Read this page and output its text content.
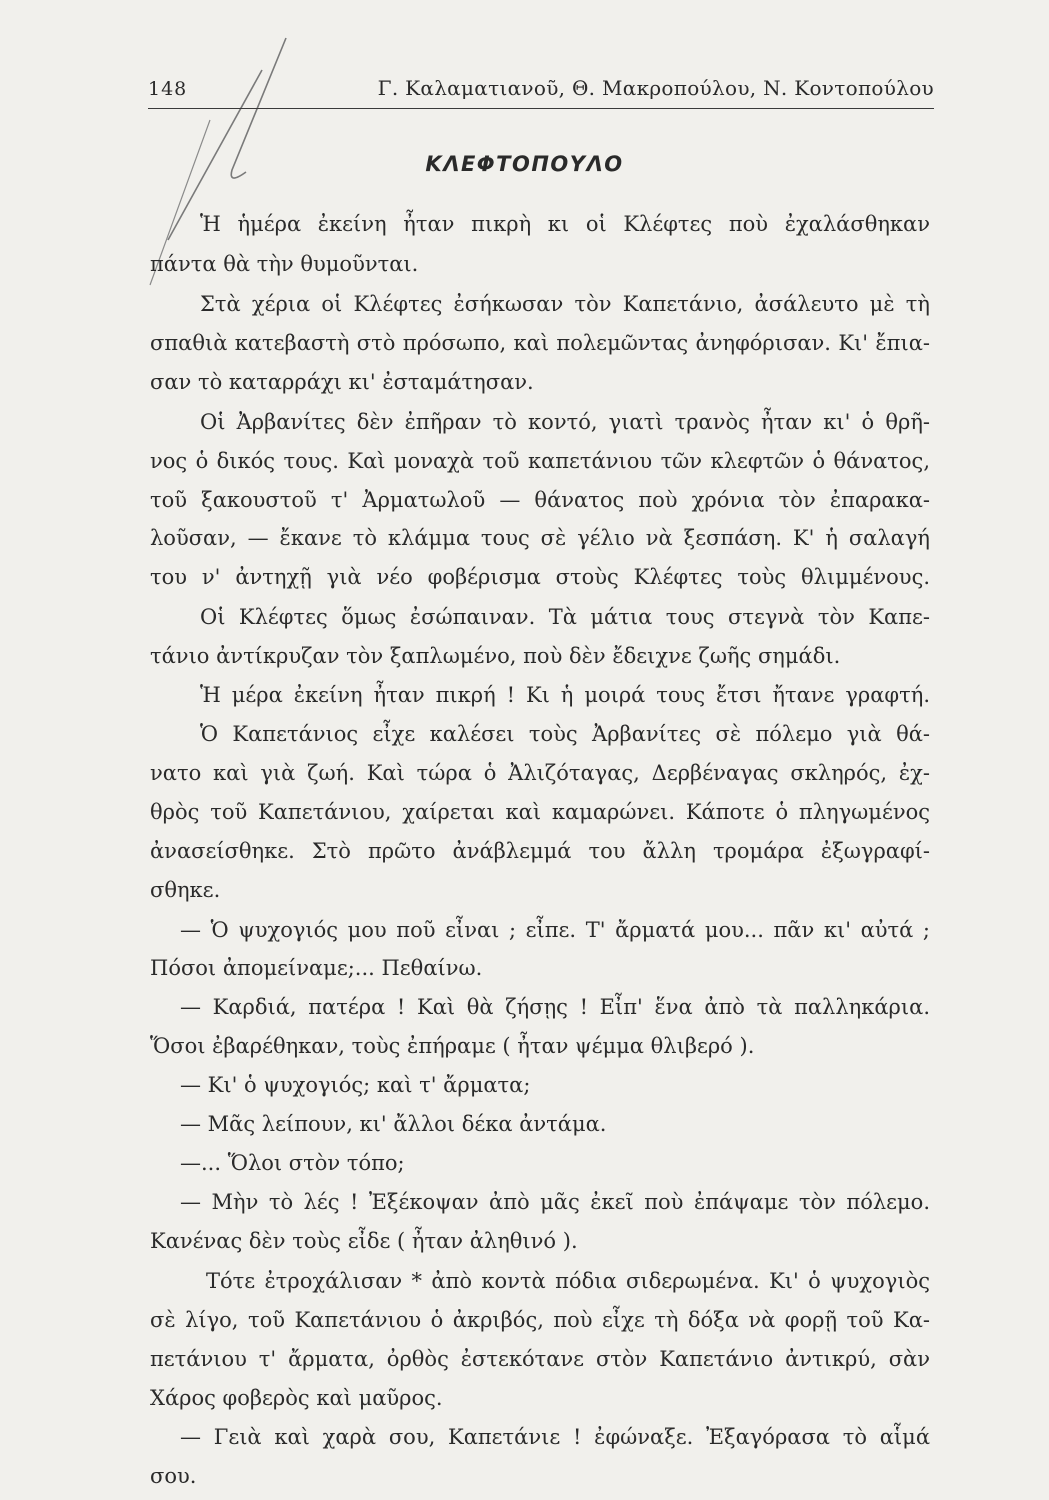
148	Γ. Καλαματιανοῦ, Θ. Μακροπούλου, Ν. Κοντοπούλου
ΚΛΕΦΤΟΠΟΥΛΟ
Ἡ ἡμέρα ἐκείνη ἦταν πικρὴ κι οἱ Κλέφτες ποὺ ἐχαλάσθηκαν
πάντα θὰ τὴν θυμοῦνται.
Στὰ χέρια οἱ Κλέφτες ἐσήκωσαν τὸν Καπετάνιο, ἀσάλευτο μὲ τὴ
σπαθιὰ κατεβαστὴ στὸ πρόσωπο, καὶ πολεμῶντας ἀνηφόρισαν. Κι' ἔπια-
σαν τὸ καταρράχι κι' ἐσταμάτησαν.
Οἱ Ἀρβανίτες δὲν ἐπῆραν τὸ κοντό, γιατὶ τρανὸς ἦταν κι' ὁ θρῆ-
νος ὁ δικός τους. Καὶ μοναχὰ τοῦ καπετάνιου τῶν κλεφτῶν ὁ θάνατος,
τοῦ ξακουστοῦ τ' Ἀρματωλοῦ — θάνατος ποὺ χρόνια τὸν ἐπαρακα-
λοῦσαν, — ἔκανε τὸ κλάμμα τους σὲ γέλιο νὰ ξεσπάση. Κ' ἡ σαλαγή
του ν' ἀντηχῇ γιὰ νέο φοβέρισμα στοὺς Κλέφτες τοὺς θλιμμένους.
Οἱ Κλέφτες ὅμως ἐσώπαιναν. Τὰ μάτια τους στεγνὰ τὸν Καπε-
τάνιο ἀντίκρυζαν τὸν ξαπλωμένο, ποὺ δὲν ἔδειχνε ζωῆς σημάδι.
Ἡ μέρα ἐκείνη ἦταν πικρή ! Κι ἡ μοιρά τους ἔτσι ἤτανε γραφτή.
Ὁ Καπετάνιος εἶχε καλέσει τοὺς Ἀρβανίτες σὲ πόλεμο γιὰ θά-
νατο καὶ γιὰ ζωή. Καὶ τώρα ὁ Ἀλιζόταγας, Δερβέναγας σκληρός, ἐχ-
θρὸς τοῦ Καπετάνιου, χαίρεται καὶ καμαρώνει. Κάποτε ὁ πληγωμένος
ἀνασείσθηκε. Στὸ πρῶτο ἀνάβλεμμά του ἄλλη τρομάρα ἐξωγραφί-
σθηκε.
— Ὁ ψυχογιός μου ποῦ εἶναι ; εἶπε. Τ' ἄρματά μου... πᾶν κι' αὐτά ;
Πόσοι ἀπομείναμε;... Πεθαίνω.
— Καρδιά, πατέρα ! Καὶ θὰ ζήσῃς ! Εἶπ' ἕνα ἀπὸ τὰ παλληκάρια.
Ὅσοι ἐβαρέθηκαν, τοὺς ἐπήραμε ( ἦταν ψέμμα θλιβερό ).
— Κι' ὁ ψυχογιός; καὶ τ' ἄρματα;
— Μᾶς λείπουν, κι' ἄλλοι δέκα ἀντάμα.
—... Ὅλοι στὸν τόπο;
— Μὴν τὸ λές ! Ἐξέκοψαν ἀπὸ μᾶς ἐκεῖ ποὺ ἐπάψαμε τὸν πόλεμο.
Κανένας δὲν τοὺς εἶδε ( ἦταν ἀληθινό ).
Τότε ἐτροχάλισαν * ἀπὸ κοντὰ πόδια σιδερωμένα. Κι' ὁ ψυχογιὸς
σὲ λίγο, τοῦ Καπετάνιου ὁ ἀκριβός, ποὺ εἶχε τὴ δόξα νὰ φορῇ τοῦ Κα-
πετάνιου τ' ἄρματα, ὀρθὸς ἐστεκότανε στὸν Καπετάνιο ἀντικρύ, σὰν
Χάρος φοβερὸς καὶ μαῦρος.
— Γειὰ καὶ χαρὰ σου, Καπετάνιε ! ἐφώναξε. Ἐξαγόρασα τὸ αἷμά
σου.
